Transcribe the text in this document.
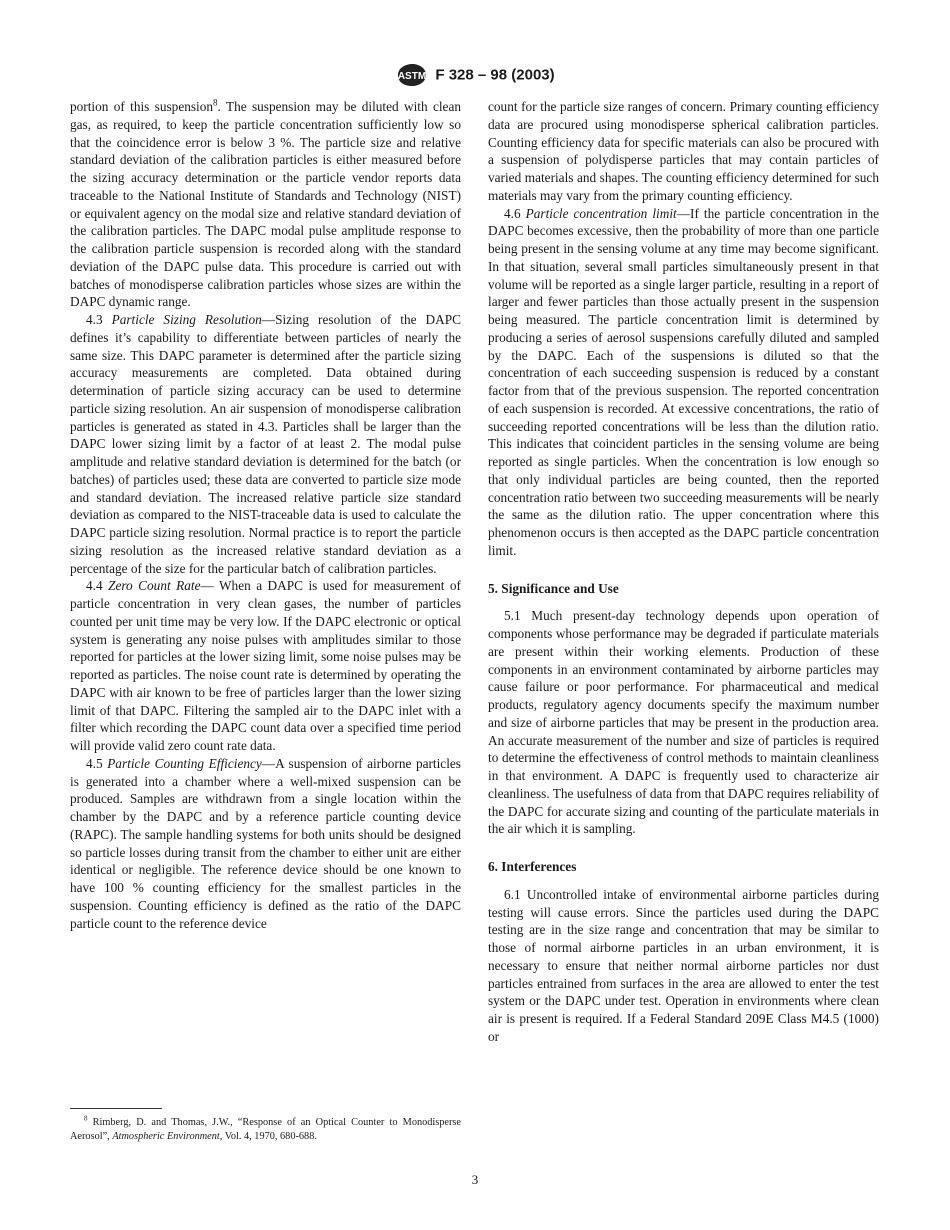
ASTM F 328 – 98 (2003)

portion of this suspension$^8$. The suspension may be diluted with clean gas, as required, to keep the particle concentration sufficiently low so that the coincidence error is below 3 %. The particle size and relative standard deviation of the calibration particles is either measured before the sizing accuracy determination or the particle vendor reports data traceable to the National Institute of Standards and Technology (NIST) or equivalent agency on the modal size and relative standard deviation of the calibration particles. The DAPC modal pulse amplitude response to the calibration particle suspension is recorded along with the standard deviation of the DAPC pulse data. This procedure is carried out with batches of monodisperse calibration particles whose sizes are within the DAPC dynamic range.

4.3 Particle Sizing Resolution—Sizing resolution of the DAPC defines it’s capability to differentiate between particles of nearly the same size. This DAPC parameter is determined after the particle sizing accuracy measurements are completed. Data obtained during determination of particle sizing accuracy can be used to determine particle sizing resolution. An air suspension of monodisperse calibration particles is generated as stated in 4.3. Particles shall be larger than the DAPC lower sizing limit by a factor of at least 2. The modal pulse amplitude and relative standard deviation is determined for the batch (or batches) of particles used; these data are converted to particle size mode and standard deviation. The increased relative particle size standard deviation as compared to the NIST-traceable data is used to calculate the DAPC particle sizing resolution. Normal practice is to report the particle sizing resolution as the increased relative standard deviation as a percentage of the size for the particular batch of calibration particles.

4.4 Zero Count Rate— When a DAPC is used for measurement of particle concentration in very clean gases, the number of particles counted per unit time may be very low. If the DAPC electronic or optical system is generating any noise pulses with amplitudes similar to those reported for particles at the lower sizing limit, some noise pulses may be reported as particles. The noise count rate is determined by operating the DAPC with air known to be free of particles larger than the lower sizing limit of that DAPC. Filtering the sampled air to the DAPC inlet with a filter which recording the DAPC count data over a specified time period will provide valid zero count rate data.

4.5 Particle Counting Efficiency—A suspension of airborne particles is generated into a chamber where a well-mixed suspension can be produced. Samples are withdrawn from a single location within the chamber by the DAPC and by a reference particle counting device (RAPC). The sample handling systems for both units should be designed so particle losses during transit from the chamber to either unit are either identical or negligible. The reference device should be one known to have 100 % counting efficiency for the smallest particles in the suspension. Counting efficiency is defined as the ratio of the DAPC particle count to the reference device

$^8$ Rimberg, D. and Thomas, J.W., “Response of an Optical Counter to Monodisperse Aerosol”, Atmospheric Environment, Vol. 4, 1970, 680-688.

count for the particle size ranges of concern. Primary counting efficiency data are procured using monodisperse spherical calibration particles. Counting efficiency data for specific materials can also be procured with a suspension of polydisperse particles that may contain particles of varied materials and shapes. The counting efficiency determined for such materials may vary from the primary counting efficiency.

4.6 Particle concentration limit—If the particle concentration in the DAPC becomes excessive, then the probability of more than one particle being present in the sensing volume at any time may become significant. In that situation, several small particles simultaneously present in that volume will be reported as a single larger particle, resulting in a report of larger and fewer particles than those actually present in the suspension being measured. The particle concentration limit is determined by producing a series of aerosol suspensions carefully diluted and sampled by the DAPC. Each of the suspensions is diluted so that the concentration of each succeeding suspension is reduced by a constant factor from that of the previous suspension. The reported concentration of each suspension is recorded. At excessive concentrations, the ratio of succeeding reported concentrations will be less than the dilution ratio. This indicates that coincident particles in the sensing volume are being reported as single particles. When the concentration is low enough so that only individual particles are being counted, then the reported concentration ratio between two succeeding measurements will be nearly the same as the dilution ratio. The upper concentration where this phenomenon occurs is then accepted as the DAPC particle concentration limit.

5. Significance and Use

5.1 Much present-day technology depends upon operation of components whose performance may be degraded if particulate materials are present within their working elements. Production of these components in an environment contaminated by airborne particles may cause failure or poor performance. For pharmaceutical and medical products, regulatory agency documents specify the maximum number and size of airborne particles that may be present in the production area. An accurate measurement of the number and size of particles is required to determine the effectiveness of control methods to maintain cleanliness in that environment. A DAPC is frequently used to characterize air cleanliness. The usefulness of data from that DAPC requires reliability of the DAPC for accurate sizing and counting of the particulate materials in the air which it is sampling.

6. Interferences

6.1 Uncontrolled intake of environmental airborne particles during testing will cause errors. Since the particles used during the DAPC testing are in the size range and concentration that may be similar to those of normal airborne particles in an urban environment, it is necessary to ensure that neither normal airborne particles nor dust particles entrained from surfaces in the area are allowed to enter the test system or the DAPC under test. Operation in environments where clean air is present is required. If a Federal Standard 209E Class M4.5 (1000) or

3
